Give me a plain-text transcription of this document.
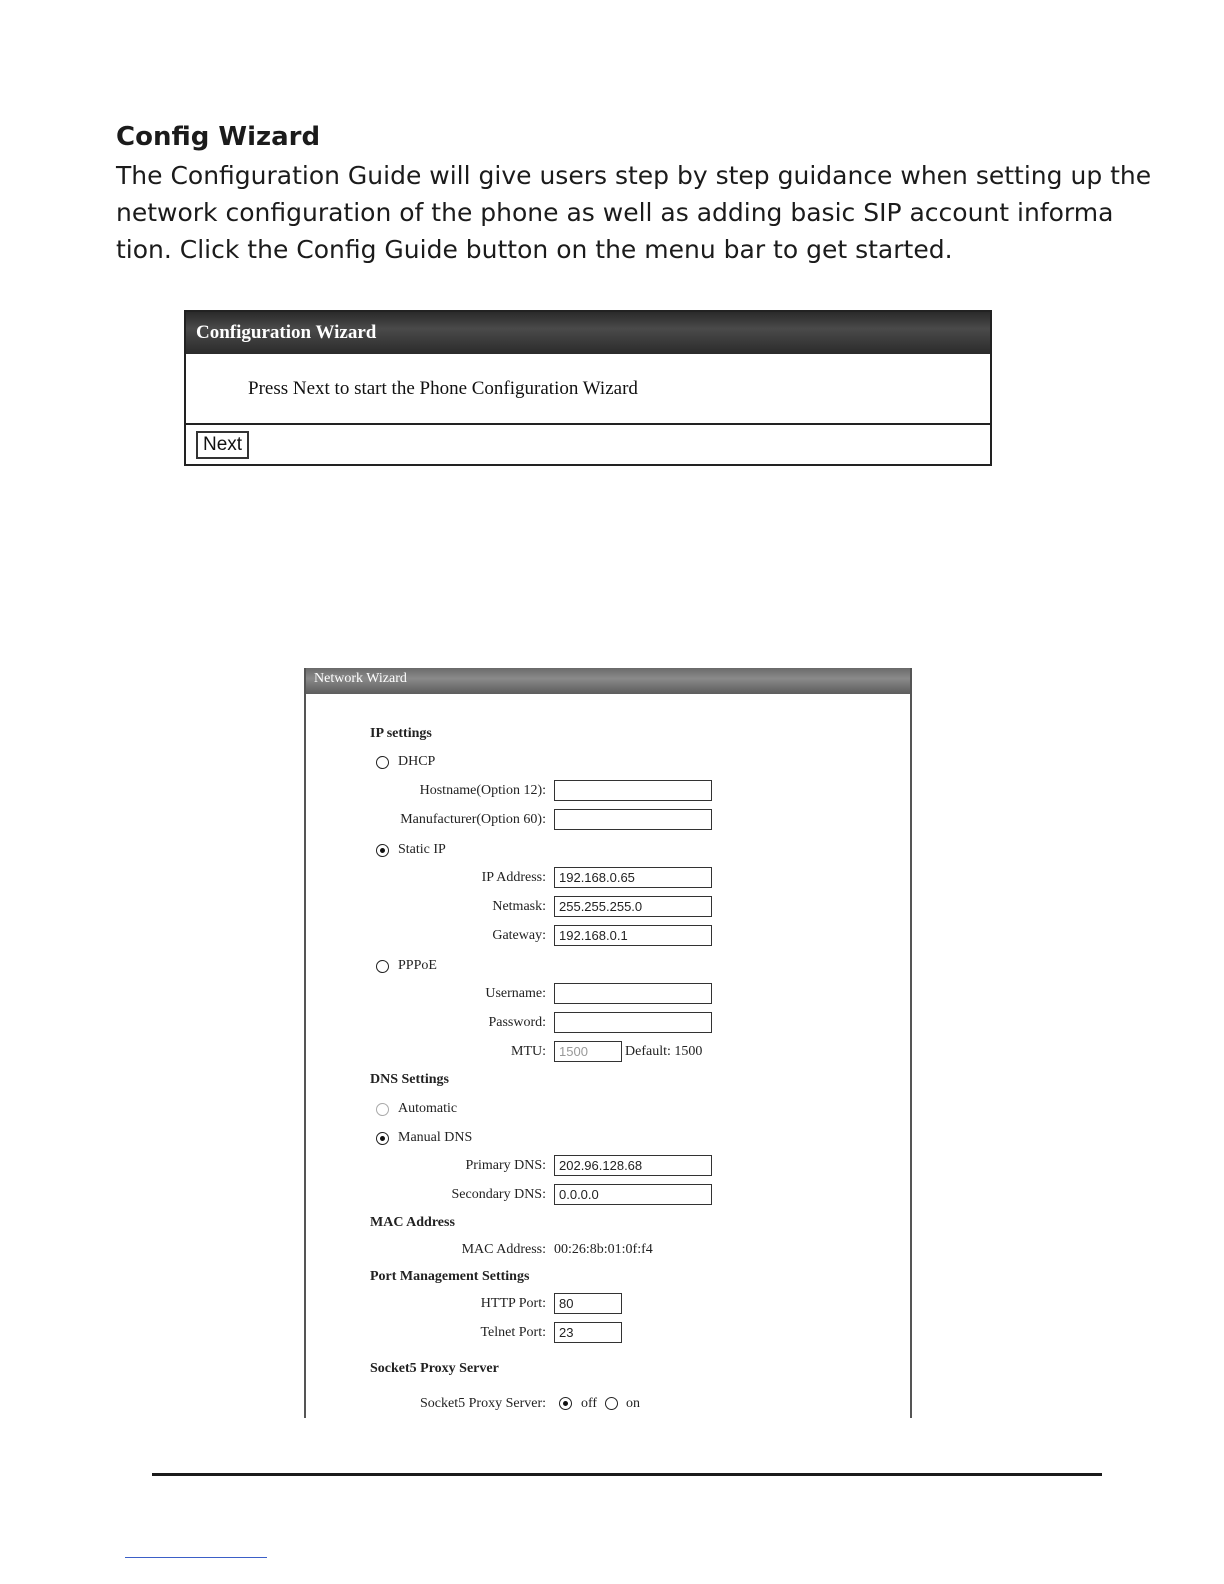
Config Wizard

The Configuration Guide will give users step by step guidance when setting up the
network configuration of the phone as well as adding basic SIP account informa
tion. Click the Config Guide button on the menu bar to get started.

Configuration Wizard
Press Next to start the Phone Configuration Wizard
Next
Network Wizard
IP settings
DHCP
Hostname(Option 12):
Manufacturer(Option 60):
Static IP
IP Address:
192.168.0.65
Netmask:
255.255.255.0
Gateway:
192.168.0.1
PPPoE
Username:
Password:
MTU:
1500	Default: 1500
DNS Settings
Automatic
Manual DNS
Primary DNS:
202.96.128.68
Secondary DNS:
0.0.0.0
MAC Address
MAC Address: 00:26:8b:01:0f:f4
Port Management Settings
HTTP Port:
80
Telnet Port:
23
Socket5 Proxy Server
Socket5 Proxy Server:	off on
